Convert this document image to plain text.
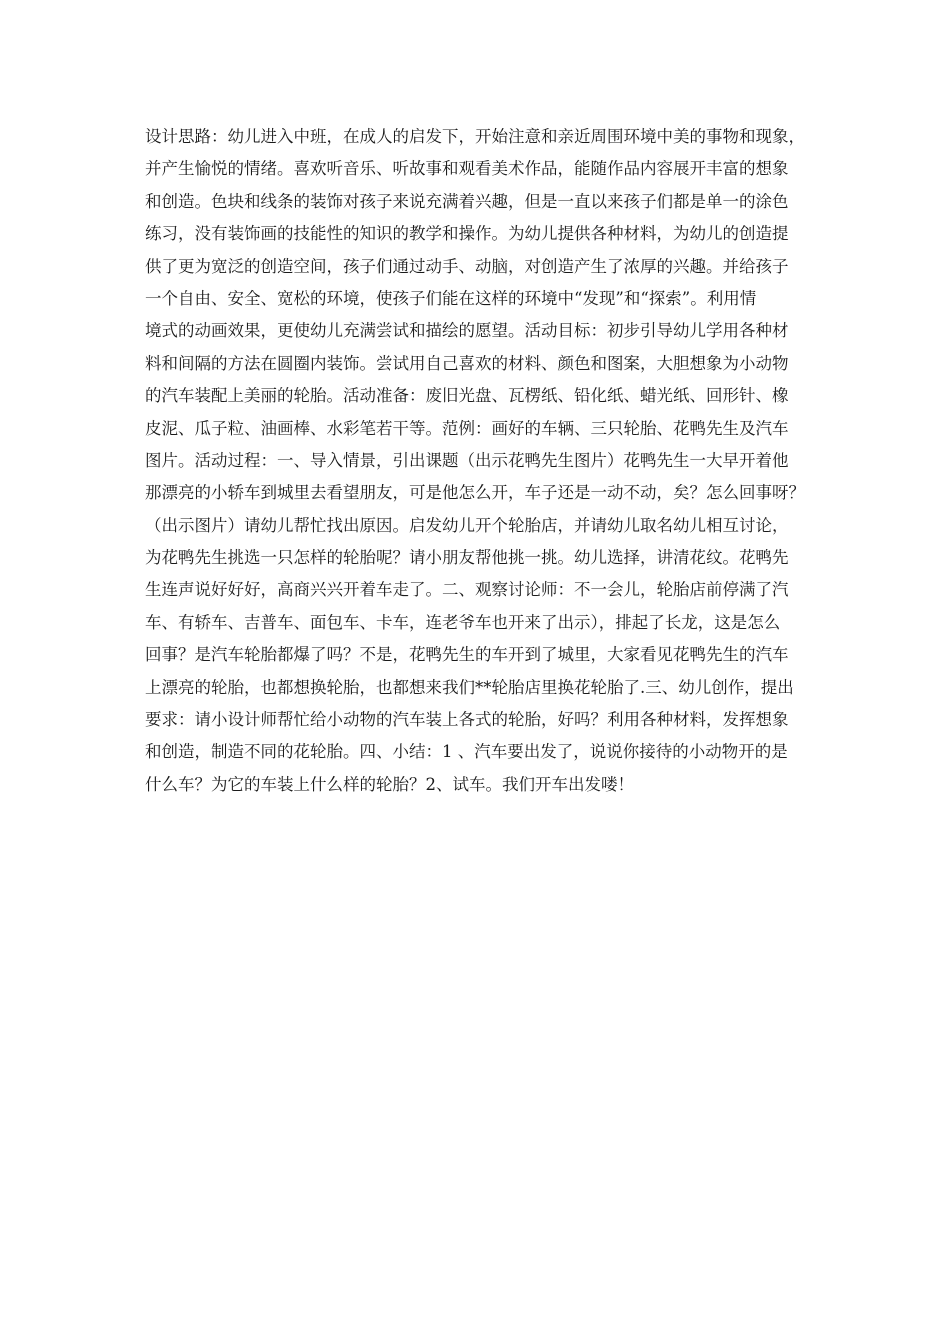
设计思路：幼儿进入中班，在成人的启发下，开始注意和亲近周围环境中美的事物和现象，
并产生愉悦的情绪。喜欢听音乐、听故事和观看美术作品，能随作品内容展开丰富的想象
和创造。色块和线条的装饰对孩子来说充满着兴趣，但是一直以来孩子们都是单一的涂色
练习，没有装饰画的技能性的知识的教学和操作。为幼儿提供各种材料，为幼儿的创造提
供了更为宽泛的创造空间，孩子们通过动手、动脑，对创造产生了浓厚的兴趣。并给孩子
一个自由、安全、宽松的环境，使孩子们能在这样的环境中“发现”和“探索”。利用情
境式的动画效果，更使幼儿充满尝试和描绘的愿望。活动目标：初步引导幼儿学用各种材
料和间隔的方法在圆圈内装饰。尝试用自己喜欢的材料、颜色和图案，大胆想象为小动物
的汽车装配上美丽的轮胎。活动准备：废旧光盘、瓦楞纸、铅化纸、蜡光纸、回形针、橡
皮泥、瓜子粒、油画棒、水彩笔若干等。范例：画好的车辆、三只轮胎、花鸭先生及汽车
图片。活动过程：一、导入情景，引出课题（出示花鸭先生图片）花鸭先生一大早开着他
那漂亮的小轿车到城里去看望朋友，可是他怎么开，车子还是一动不动，矣？怎么回事呀？
（出示图片）请幼儿帮忙找出原因。启发幼儿开个轮胎店，并请幼儿取名幼儿相互讨论，
为花鸭先生挑选一只怎样的轮胎呢？请小朋友帮他挑一挑。幼儿选择，讲清花纹。花鸭先
生连声说好好好，高商兴兴开着车走了。二、观察讨论师：不一会儿，轮胎店前停满了汽
车、有轿车、吉普车、面包车、卡车，连老爷车也开来了出示），排起了长龙，这是怎么
回事？是汽车轮胎都爆了吗？不是，花鸭先生的车开到了城里，大家看见花鸭先生的汽车
上漂亮的轮胎，也都想换轮胎，也都想来我们**轮胎店里换花轮胎了.三、幼儿创作，提出
要求：请小设计师帮忙给小动物的汽车装上各式的轮胎，好吗？利用各种材料，发挥想象
和创造，制造不同的花轮胎。四、小结：1 、汽车要出发了，说说你接待的小动物开的是
什么车？为它的车装上什么样的轮胎？2、试车。我们开车出发喽！
